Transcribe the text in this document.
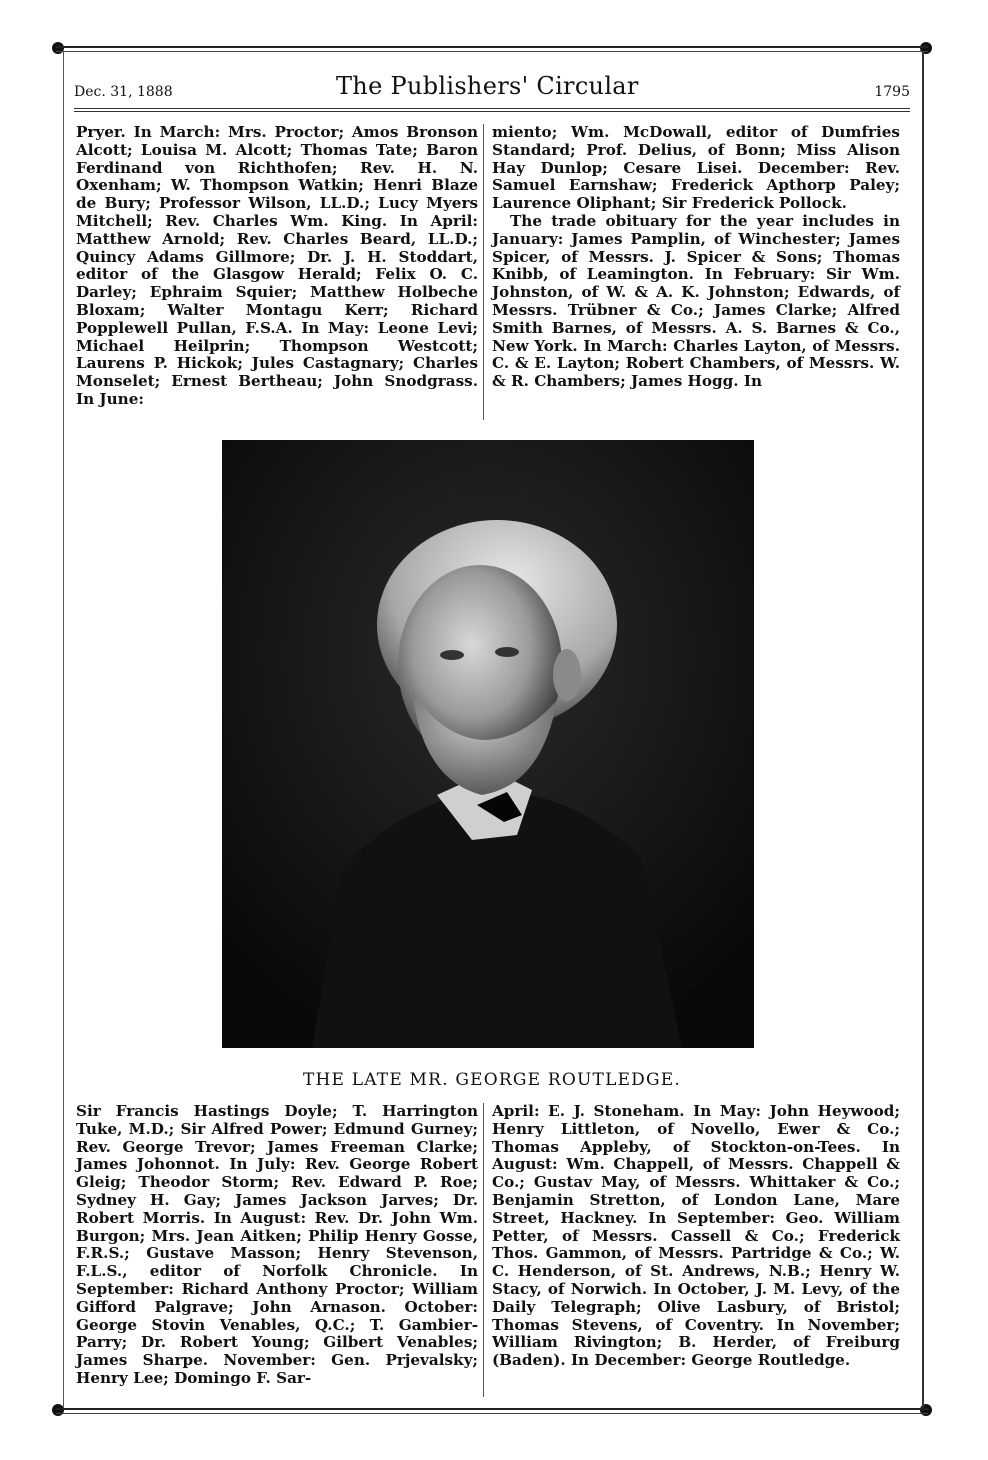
Dec. 31, 1888	The Publishers' Circular	1795

Pryer. In March: Mrs. Proctor; Amos Bronson Alcott; Louisa M. Alcott; Thomas Tate; Baron Ferdinand von Richthofen; Rev. H. N. Oxenham; W. Thompson Watkin; Henri Blaze de Bury; Professor Wilson, LL.D.; Lucy Myers Mitchell; Rev. Charles Wm. King. In April: Matthew Arnold; Rev. Charles Beard, LL.D.; Quincy Adams Gillmore; Dr. J. H. Stoddart, editor of the Glasgow Herald; Felix O. C. Darley; Ephraim Squier; Matthew Holbeche Bloxam; Walter Montagu Kerr; Richard Popplewell Pullan, F.S.A. In May: Leone Levi; Michael Heilprin; Thompson Westcott; Laurens P. Hickok; Jules Castagnary; Charles Monselet; Ernest Bertheau; John Snodgrass. In June:

miento; Wm. McDowall, editor of Dumfries Standard; Prof. Delius, of Bonn; Miss Alison Hay Dunlop; Cesare Lisei. December: Rev. Samuel Earnshaw; Frederick Apthorp Paley; Laurence Oliphant; Sir Frederick Pollock.

The trade obituary for the year includes in January: James Pamplin, of Winchester; James Spicer, of Messrs. J. Spicer & Sons; Thomas Knibb, of Leamington. In February: Sir Wm. Johnston, of W. & A. K. Johnston; Edwards, of Messrs. Trübner & Co.; James Clarke; Alfred Smith Barnes, of Messrs. A. S. Barnes & Co., New York. In March: Charles Layton, of Messrs. C. & E. Layton; Robert Chambers, of Messrs. W. & R. Chambers; James Hogg. In

THE LATE MR. GEORGE ROUTLEDGE.

Sir Francis Hastings Doyle; T. Harrington Tuke, M.D.; Sir Alfred Power; Edmund Gurney; Rev. George Trevor; James Freeman Clarke; James Johonnot. In July: Rev. George Robert Gleig; Theodor Storm; Rev. Edward P. Roe; Sydney H. Gay; James Jackson Jarves; Dr. Robert Morris. In August: Rev. Dr. John Wm. Burgon; Mrs. Jean Aitken; Philip Henry Gosse, F.R.S.; Gustave Masson; Henry Stevenson, F.L.S., editor of Norfolk Chronicle. In September: Richard Anthony Proctor; William Gifford Palgrave; John Arnason. October: George Stovin Venables, Q.C.; T. Gambier-Parry; Dr. Robert Young; Gilbert Venables; James Sharpe. November: Gen. Prjevalsky; Henry Lee; Domingo F. Sar-

April: E. J. Stoneham. In May: John Heywood; Henry Littleton, of Novello, Ewer & Co.; Thomas Appleby, of Stockton-on-Tees. In August: Wm. Chappell, of Messrs. Chappell & Co.; Gustav May, of Messrs. Whittaker & Co.; Benjamin Stretton, of London Lane, Mare Street, Hackney. In September: Geo. William Petter, of Messrs. Cassell & Co.; Frederick Thos. Gammon, of Messrs. Partridge & Co.; W. C. Henderson, of St. Andrews, N.B.; Henry W. Stacy, of Norwich. In October, J. M. Levy, of the Daily Telegraph; Olive Lasbury, of Bristol; Thomas Stevens, of Coventry. In November; William Rivington; B. Herder, of Freiburg (Baden). In December: George Routledge.
